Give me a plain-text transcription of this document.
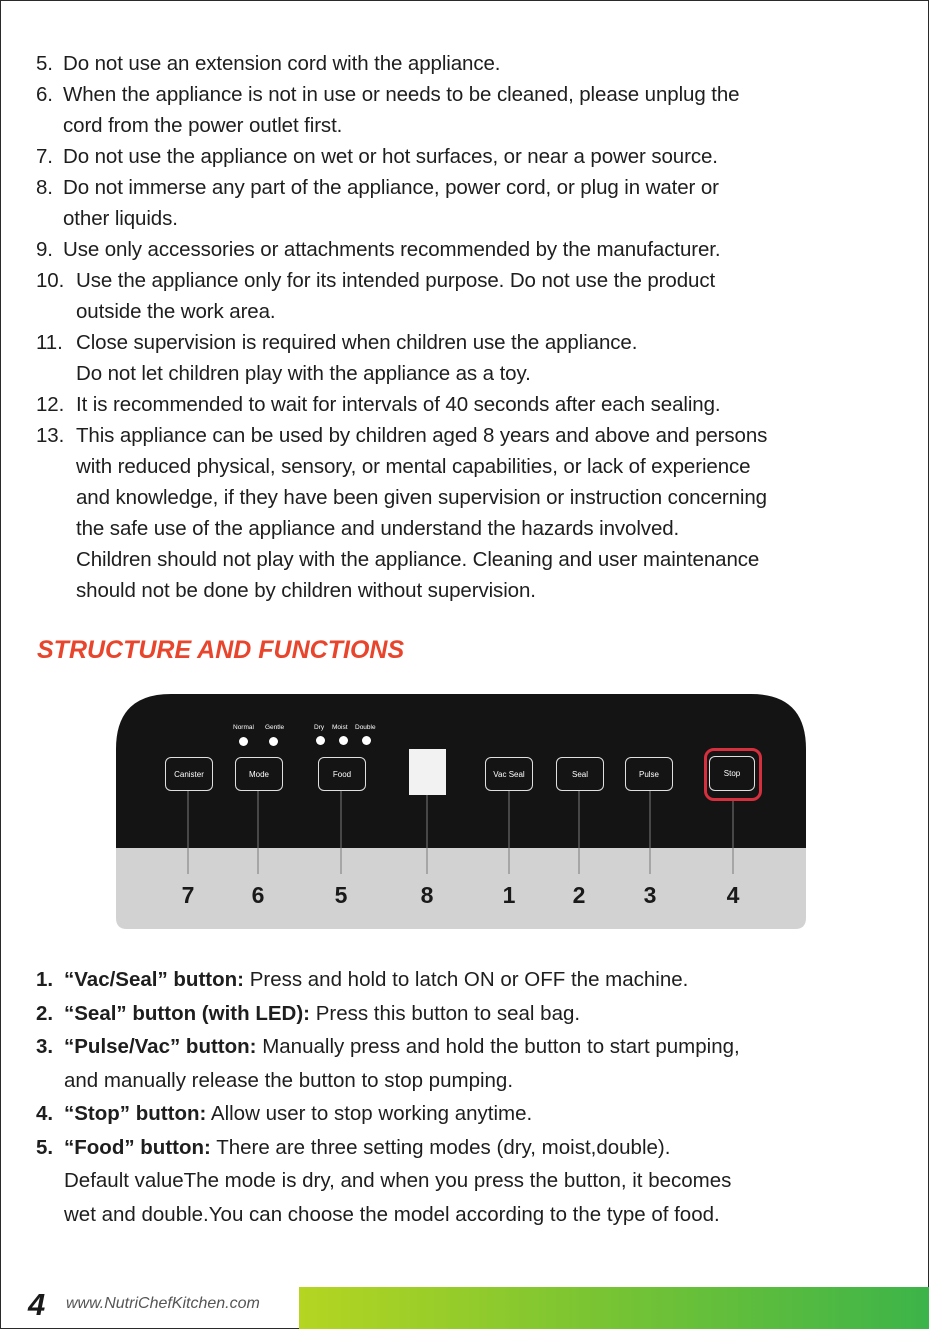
5. Do not use an extension cord with the appliance.
6. When the appliance is not in use or needs to be cleaned, please unplug the
cord from the power outlet first.
7. Do not use the appliance on wet or hot surfaces, or near a power source.
8. Do not immerse any part of the appliance, power cord, or plug in water or
other liquids.
9. Use only accessories or attachments recommended by the manufacturer.
10. Use the appliance only for its intended purpose. Do not use the product
outside the work area.
11. Close supervision is required when children use the appliance.
Do not let children play with the appliance as a toy.
12. It is recommended to wait for intervals of 40 seconds after each sealing.
13. This appliance can be used by children aged 8 years and above and persons
with reduced physical, sensory, or mental capabilities, or lack of experience
and knowledge, if they have been given supervision or instruction concerning
the safe use of the appliance and understand the hazards involved.
Children should not play with the appliance. Cleaning and user maintenance
should not be done by children without supervision.
STRUCTURE AND FUNCTIONS
Normal Gentle	Dry Moist Double
Canister	Mode	Food	Vac Seal	Seal	Pulse	Stop
7	6	5	8	1	2	3	4
1. “Vac/Seal” button: Press and hold to latch ON or OFF the machine.
2. “Seal” button (with LED): Press this button to seal bag.
3. “Pulse/Vac” button: Manually press and hold the button to start pumping,
and manually release the button to stop pumping.
4. “Stop” button: Allow user to stop working anytime.
5. “Food” button: There are three setting modes (dry, moist,double).
Default valueThe mode is dry, and when you press the button, it becomes
wet and double.You can choose the model according to the type of food.
4 www.NutriChefKitchen.com
